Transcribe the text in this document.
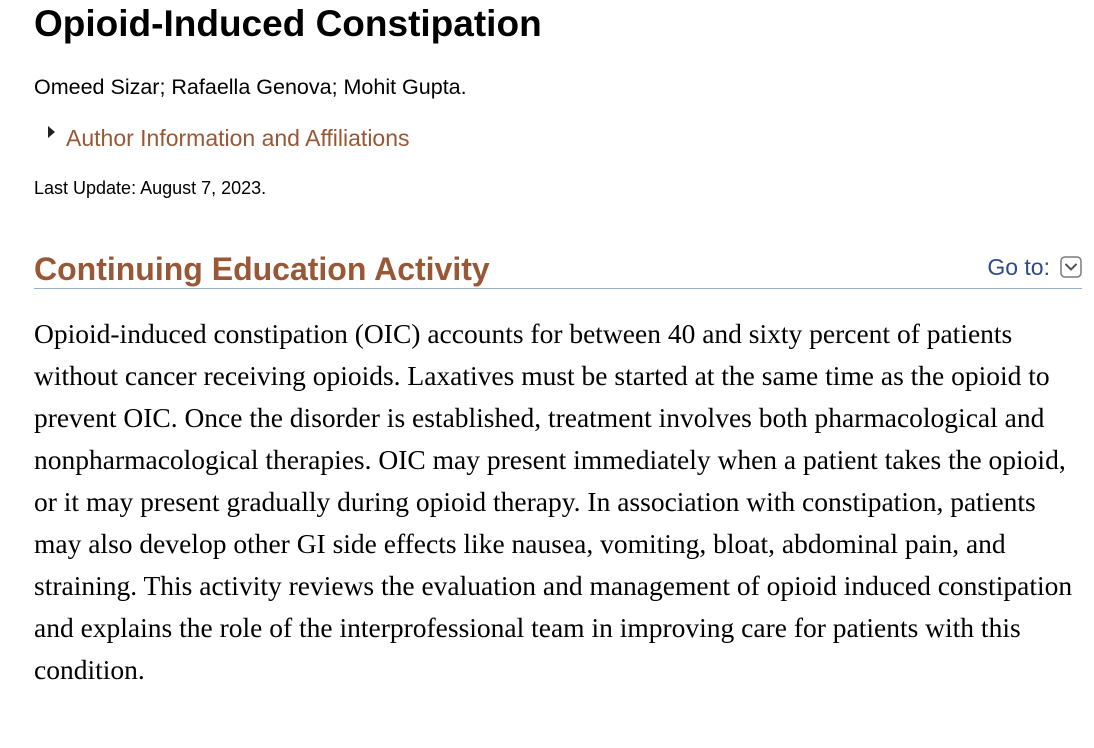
Opioid-Induced Constipation
Omeed Sizar; Rafaella Genova; Mohit Gupta.
Author Information and Affiliations
Last Update: August 7, 2023.
Continuing Education Activity	Go to:

Opioid-induced constipation (OIC) accounts for between 40 and sixty percent of patients without cancer receiving opioids. Laxatives must be started at the same time as the opioid to prevent OIC. Once the disorder is established, treatment involves both pharmacological and nonpharmacological therapies. OIC may present immediately when a patient takes the opioid, or it may present gradually during opioid therapy. In association with constipation, patients may also develop other GI side effects like nausea, vomiting, bloat, abdominal pain, and straining. This activity reviews the evaluation and management of opioid induced constipation and explains the role of the interprofessional team in improving care for patients with this condition.
